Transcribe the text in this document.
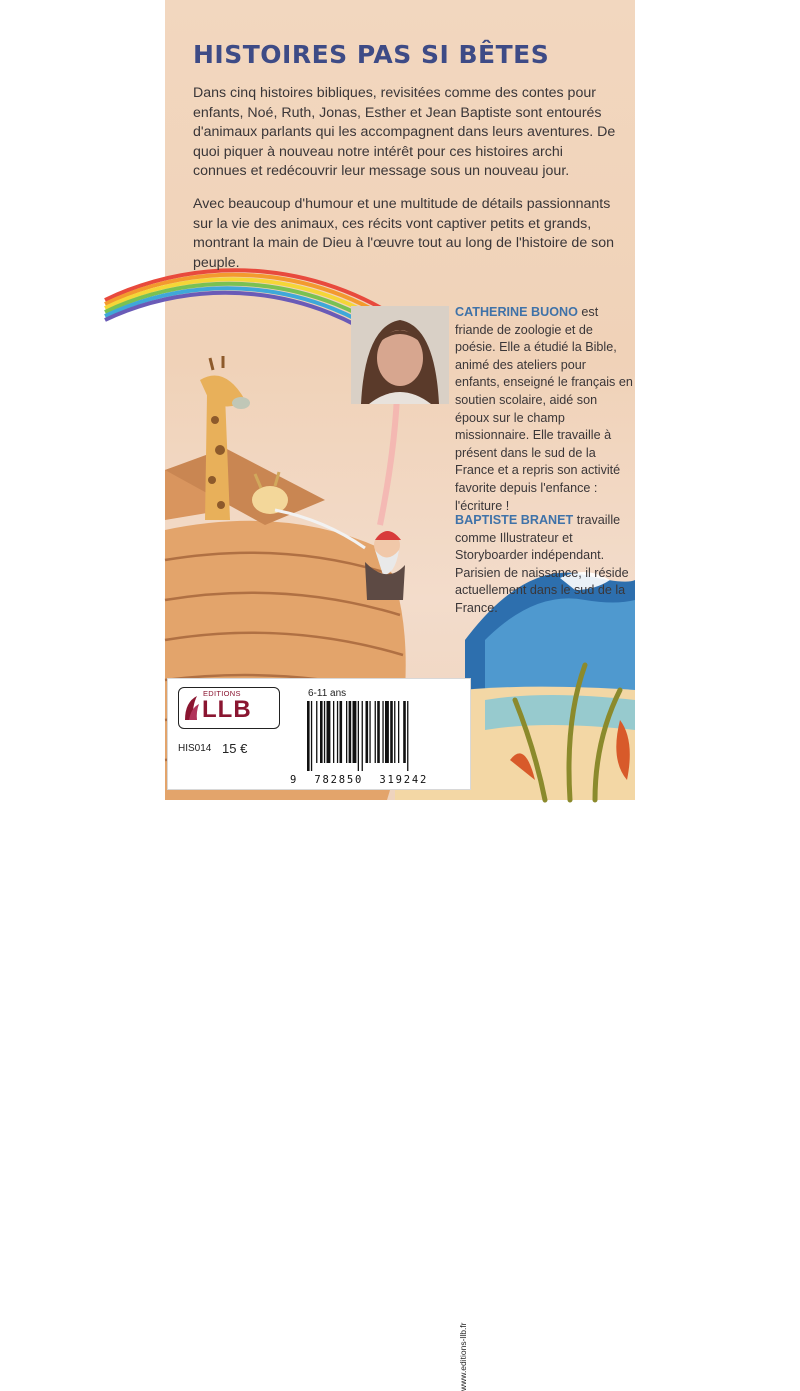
HISTOIRES PAS SI BÊTES

Dans cinq histoires bibliques, revisitées comme des contes pour enfants, Noé, Ruth, Jonas, Esther et Jean Baptiste sont entourés d'animaux parlants qui les accompagnent dans leurs aventures. De quoi piquer à nouveau notre intérêt pour ces histoires archi connues et redécouvrir leur message sous un nouveau jour.

Avec beaucoup d'humour et une multitude de détails passionnants sur la vie des animaux, ces récits vont captiver petits et grands, montrant la main de Dieu à l'œuvre tout au long de l'histoire de son peuple.

CATHERINE BUONO est friande de zoologie et de poésie. Elle a étudié la Bible, animé des ateliers pour enfants, enseigné le français en soutien scolaire, aidé son époux sur le champ missionnaire. Elle travaille à présent dans le sud de la France et a repris son activité favorite depuis l'enfance : l'écriture !

BAPTISTE BRANET travaille comme Illustrateur et Storyboarder indépendant. Parisien de naissance, il réside actuellement dans le sud de la France.

EDITIONS
LLB
6-11 ans
HIS014 15 €
9 782850 319242
www.editions-llb.fr
